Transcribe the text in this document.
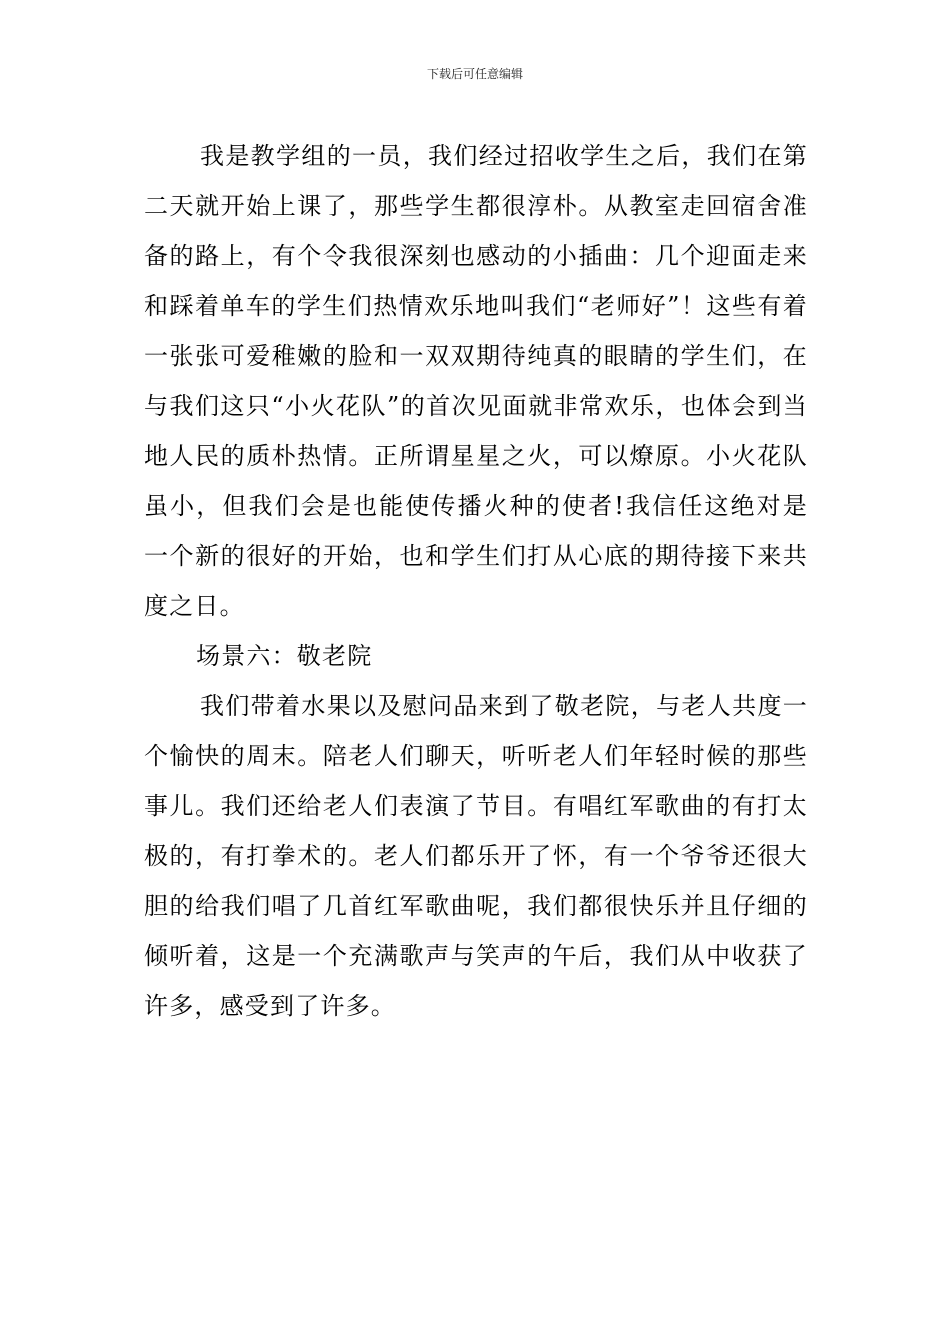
下载后可任意编辑

我是教学组的一员，我们经过招收学生之后，我们在第二天就开始上课了，那些学生都很淳朴。从教室走回宿舍准备的路上，有个令我很深刻也感动的小插曲：几个迎面走来和踩着单车的学生们热情欢乐地叫我们“老师好”！这些有着一张张可爱稚嫩的脸和一双双期待纯真的眼睛的学生们，在与我们这只“小火花队”的首次见面就非常欢乐，也体会到当地人民的质朴热情。正所谓星星之火，可以燎原。小火花队虽小，但我们会是也能使传播火种的使者!我信任这绝对是一个新的很好的开始，也和学生们打从心底的期待接下来共度之日。

场景六：敬老院

我们带着水果以及慰问品来到了敬老院，与老人共度一个愉快的周末。陪老人们聊天，听听老人们年轻时候的那些事儿。我们还给老人们表演了节目。有唱红军歌曲的有打太极的，有打拳术的。老人们都乐开了怀，有一个爷爷还很大胆的给我们唱了几首红军歌曲呢，我们都很快乐并且仔细的倾听着，这是一个充满歌声与笑声的午后，我们从中收获了许多，感受到了许多。
